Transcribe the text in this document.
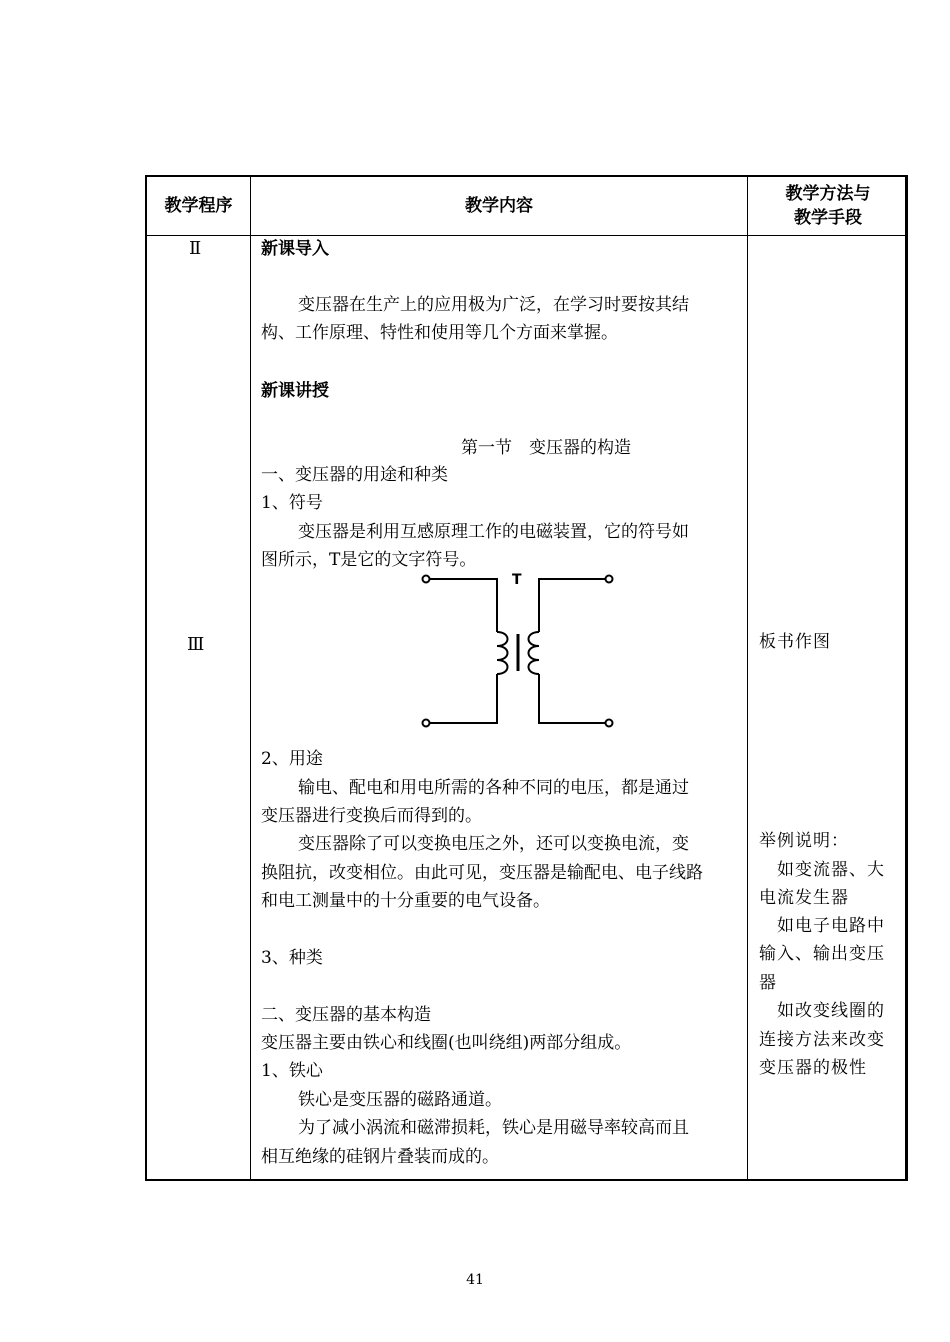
教学程序	教学内容
教学方法与
教学手段
Ⅱ
Ⅲ
新课导入
变压器在生产上的应用极为广泛，在学习时要按其结
构、工作原理、特性和使用等几个方面来掌握。
新课讲授
第一节　变压器的构造
一、变压器的用途和种类
1、符号
变压器是利用互感原理工作的电磁装置，它的符号如
图所示，T是它的文字符号。
T
2、用途
输电、配电和用电所需的各种不同的电压，都是通过
变压器进行变换后而得到的。
变压器除了可以变换电压之外，还可以变换电流，变
换阻抗，改变相位。由此可见，变压器是输配电、电子线路
和电工测量中的十分重要的电气设备。
3、种类
二、变压器的基本构造
变压器主要由铁心和线圈(也叫绕组)两部分组成。
1、铁心
铁心是变压器的磁路通道。
为了减小涡流和磁滞损耗，铁心是用磁导率较高而且
相互绝缘的硅钢片叠装而成的。
板书作图
举例说明：
如变流器、大
电流发生器
如电子电路中
输入、输出变压
器
如改变线圈的
连接方法来改变
变压器的极性
41
